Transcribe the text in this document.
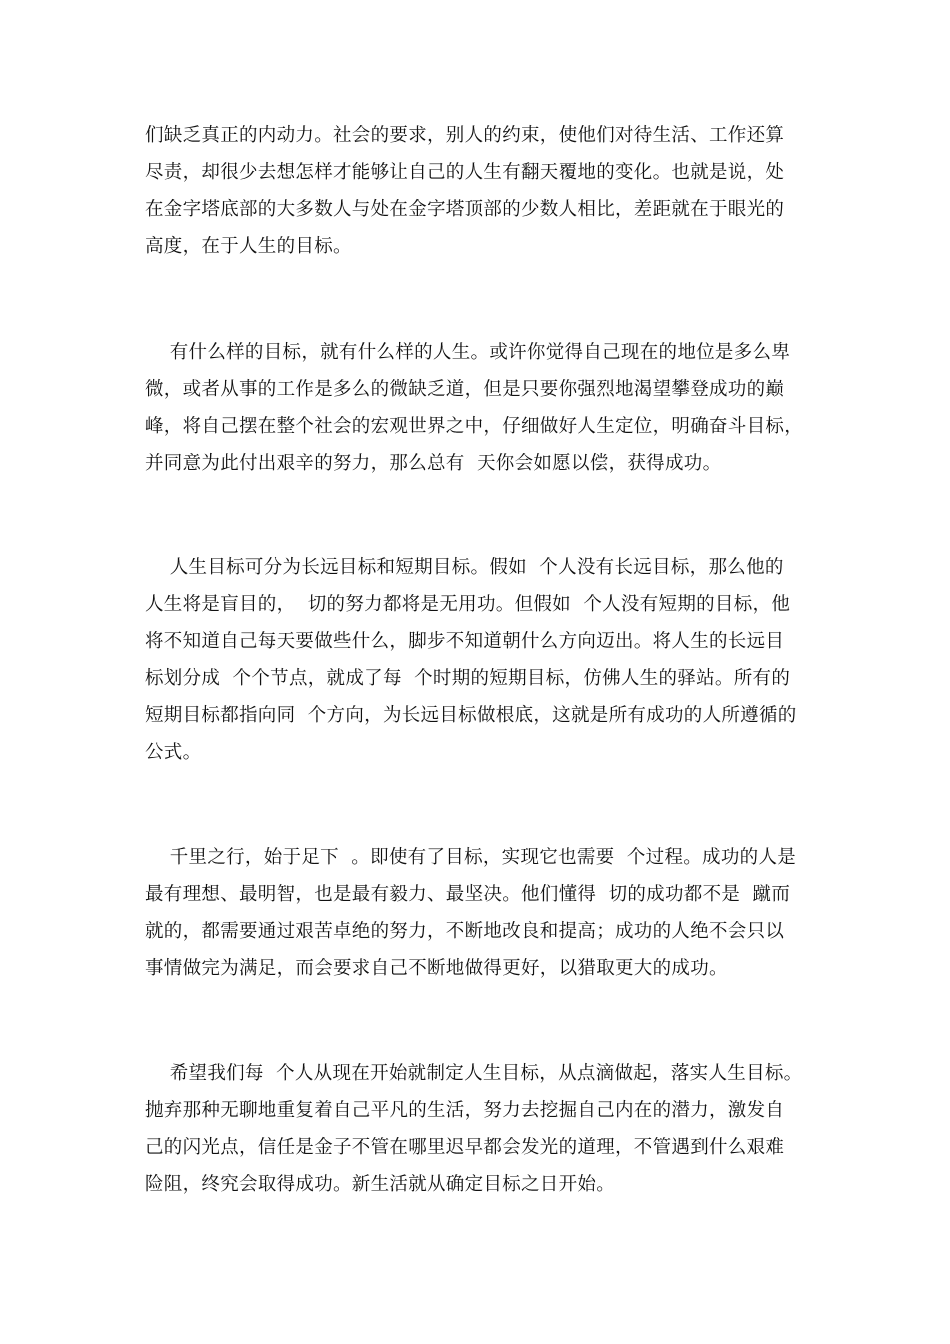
们缺乏真正的内动力。社会的要求，别人的约束，使他们对待生活、工作还算
尽责，却很少去想怎样才能够让自己的人生有翻天覆地的变化。也就是说，处
在金字塔底部的大多数人与处在金字塔顶部的少数人相比，差距就在于眼光的
高度，在于人生的目标。
有什么样的目标，就有什么样的人生。或许你觉得自己现在的地位是多么卑
微，或者从事的工作是多么的微缺乏道，但是只要你强烈地渴望攀登成功的巅
峰，将自己摆在整个社会的宏观世界之中，仔细做好人生定位，明确奋斗目标，
并同意为此付出艰辛的努力，那么总有  天你会如愿以偿，获得成功。
人生目标可分为长远目标和短期目标。假如  个人没有长远目标，那么他的
人生将是盲目的，  切的努力都将是无用功。但假如  个人没有短期的目标，他
将不知道自己每天要做些什么，脚步不知道朝什么方向迈出。将人生的长远目
标划分成  个个节点，就成了每  个时期的短期目标，仿佛人生的驿站。所有的
短期目标都指向同  个方向，为长远目标做根底，这就是所有成功的人所遵循的
公式。
千里之行，始于足下  。即使有了目标，实现它也需要  个过程。成功的人是
最有理想、最明智，也是最有毅力、最坚决。他们懂得  切的成功都不是  蹴而
就的，都需要通过艰苦卓绝的努力，不断地改良和提高；成功的人绝不会只以
事情做完为满足，而会要求自己不断地做得更好，以猎取更大的成功。
希望我们每  个人从现在开始就制定人生目标，从点滴做起，落实人生目标。
抛弃那种无聊地重复着自己平凡的生活，努力去挖掘自己内在的潜力，激发自
己的闪光点，信任是金子不管在哪里迟早都会发光的道理，不管遇到什么艰难
险阻，终究会取得成功。新生活就从确定目标之日开始。
